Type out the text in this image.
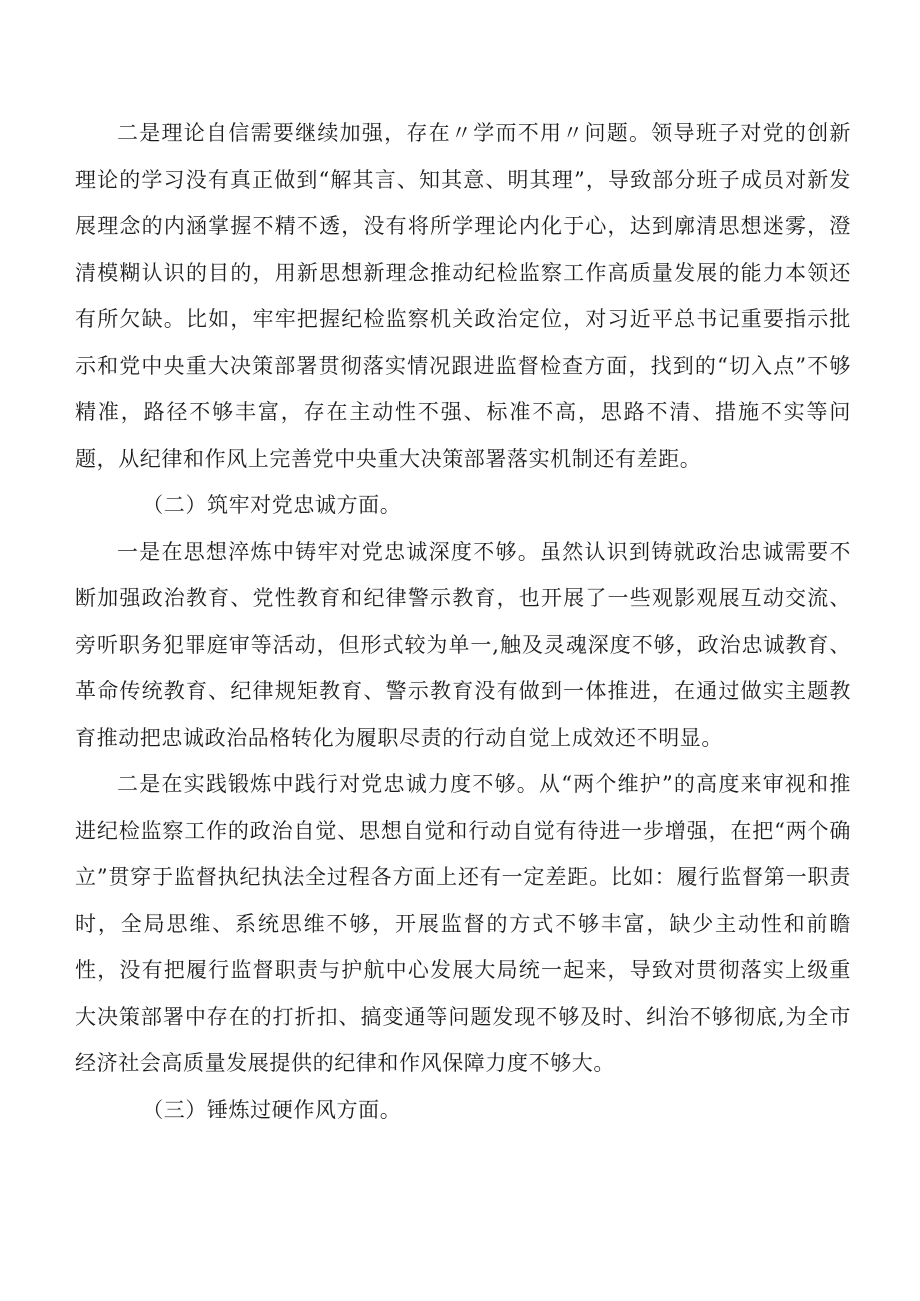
二是理论自信需要继续加强，存在〃学而不用〃问题。领导班子对党的创新理论的学习没有真正做到“解其言、知其意、明其理”，导致部分班子成员对新发展理念的内涵掌握不精不透，没有将所学理论内化于心，达到廓清思想迷雾，澄清模糊认识的目的，用新思想新理念推动纪检监察工作高质量发展的能力本领还有所欠缺。比如，牢牢把握纪检监察机关政治定位，对习近平总书记重要指示批示和党中央重大决策部署贯彻落实情况跟进监督检查方面，找到的“切入点”不够精准，路径不够丰富，存在主动性不强、标准不高，思路不清、措施不实等问题，从纪律和作风上完善党中央重大决策部署落实机制还有差距。

（二）筑牢对党忠诚方面。

一是在思想淬炼中铸牢对党忠诚深度不够。虽然认识到铸就政治忠诚需要不断加强政治教育、党性教育和纪律警示教育，也开展了一些观影观展互动交流、旁听职务犯罪庭审等活动，但形式较为单一,触及灵魂深度不够，政治忠诚教育、革命传统教育、纪律规矩教育、警示教育没有做到一体推进，在通过做实主题教育推动把忠诚政治品格转化为履职尽责的行动自觉上成效还不明显。

二是在实践锻炼中践行对党忠诚力度不够。从“两个维护”的高度来审视和推进纪检监察工作的政治自觉、思想自觉和行动自觉有待进一步增强，在把“两个确立”贯穿于监督执纪执法全过程各方面上还有一定差距。比如：履行监督第一职责时，全局思维、系统思维不够，开展监督的方式不够丰富，缺少主动性和前瞻性，没有把履行监督职责与护航中心发展大局统一起来，导致对贯彻落实上级重大决策部署中存在的打折扣、搞变通等问题发现不够及时、纠治不够彻底,为全市经济社会高质量发展提供的纪律和作风保障力度不够大。

（三）锤炼过硬作风方面。
